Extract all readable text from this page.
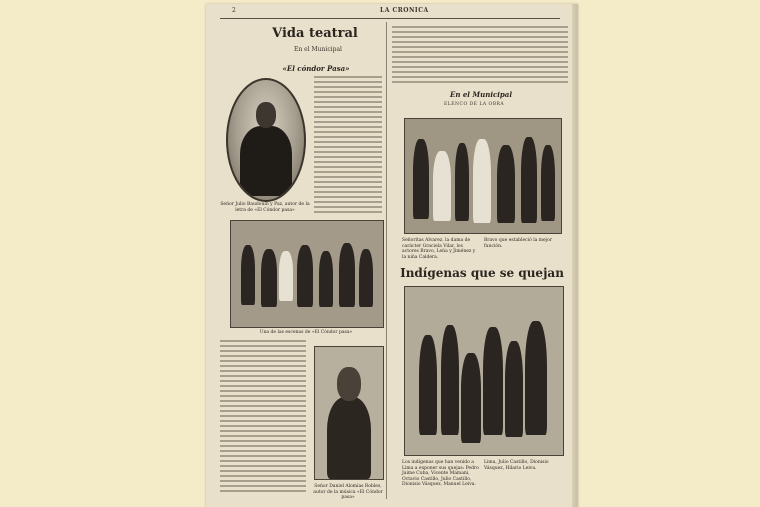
2	LA CRONICA
Vida teatral
En el Municipal
«El cóndor Pasa»
Señor Julio Baudouin y Paz, autor de la letra de «El Cóndor pasa»
Una de las escenas de «El Cóndor pasa»
Señor Daniel Alomías Robles, autor de la música «El Cóndor pasa»
En el Municipal
ELENCO DE LA OBRA
Señoritas Alvarez, la dama de carácter Graciela Vilar, los actores Bravo, Leña y Jiménez y la niña Caldera.
Bravo que estableció la mejor función.
Indígenas que se quejan
Los indígenas que han venido a Lima a exponer sus quejas: Pedro Jaime Cuba, Vicente Mamani, Octavio Castillo, Julio Castillo, Dionisio Vásquez, Manuel Leiva.
Lima, Julio Castillo, Dionisio Vásquez, Hilario Leiva.
